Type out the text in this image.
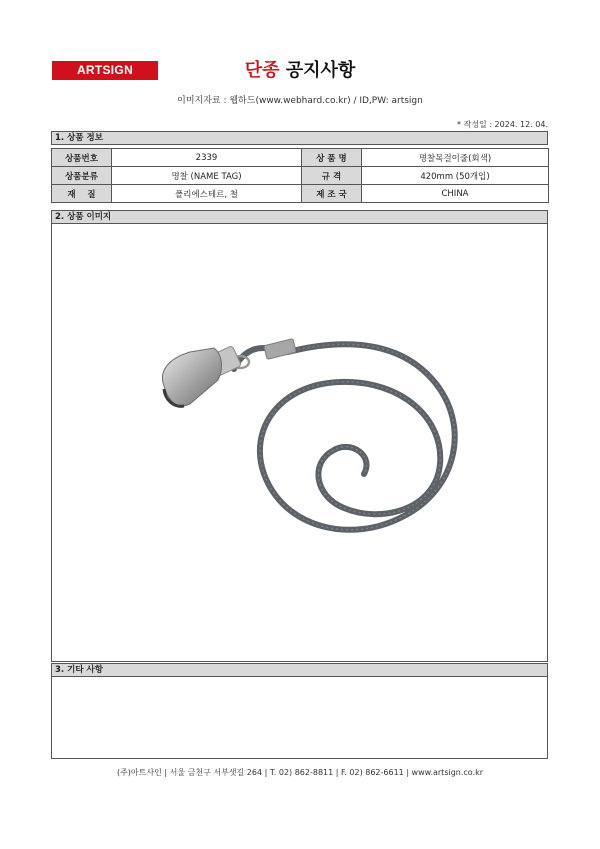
ARTSIGN	단종 공지사항
이미지자료 : 웹하드(www.webhard.co.kr) / ID,PW: artsign
* 작성일 : 2024. 12. 04.
1. 상품 정보
상품번호	2339	상 품 명	명찰목걸이줄(회색)
상품분류	명찰 (NAME TAG)	규 격	420mm (50개입)
재    질	폴리에스테르, 철	제 조 국	CHINA
2. 상품 이미지
3. 기타 사항
(주)아트사인 | 서울 금천구 서부샛길 264 | T. 02) 862-8811 | F. 02) 862-6611 | www.artsign.co.kr
